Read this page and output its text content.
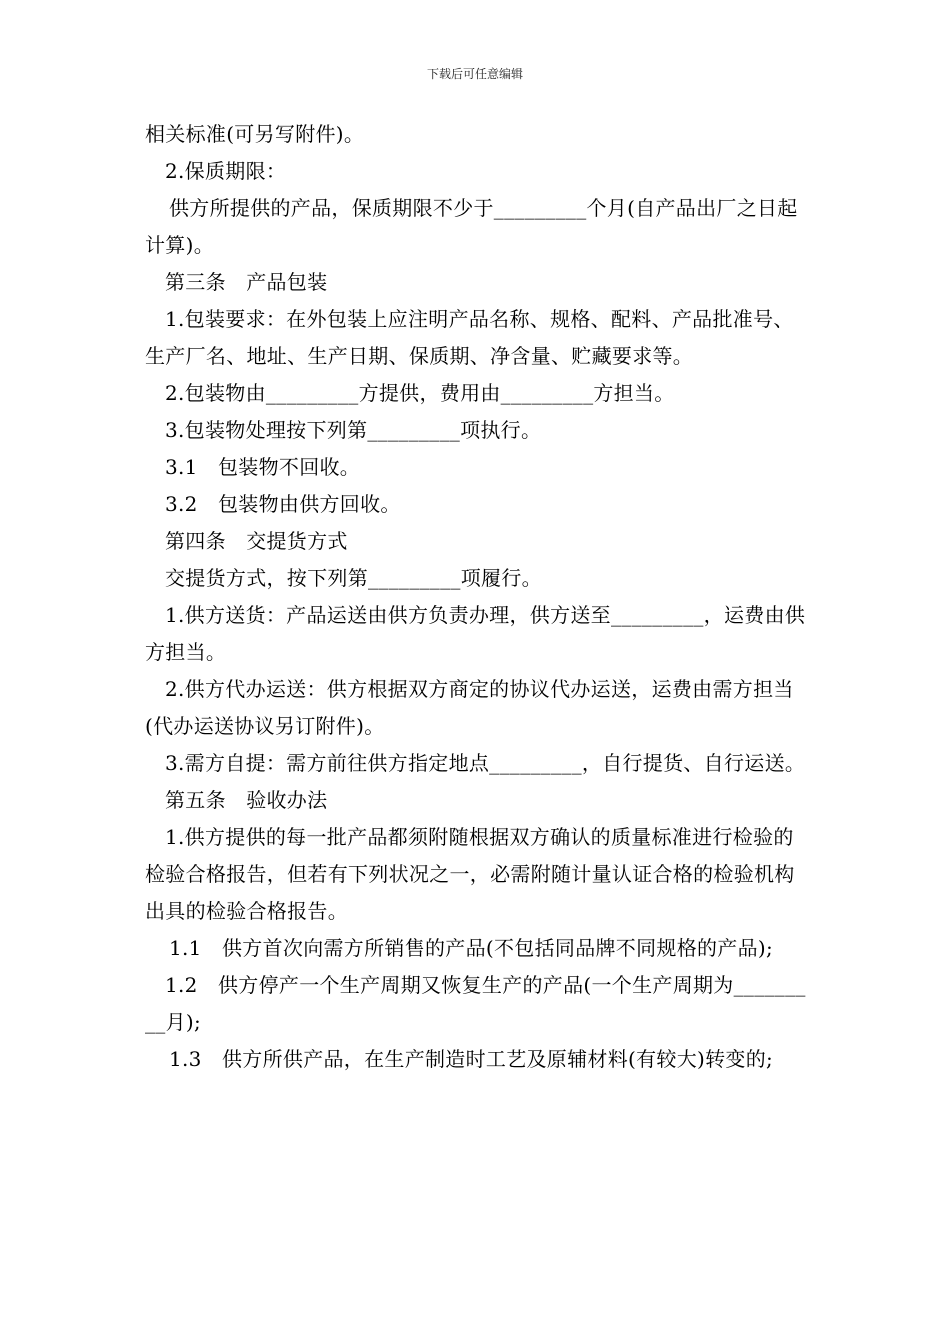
下载后可任意编辑

相关标准(可另写附件)。

2.保质期限：

供方所提供的产品，保质期限不少于_________个月(自产品出厂之日起计算)。

第三条　产品包装

1.包装要求：在外包装上应注明产品名称、规格、配料、产品批准号、生产厂名、地址、生产日期、保质期、净含量、贮藏要求等。

2.包装物由_________方提供，费用由_________方担当。

3.包装物处理按下列第_________项执行。

3.1　包装物不回收。

3.2　包装物由供方回收。

第四条　交提货方式

交提货方式，按下列第_________项履行。

1.供方送货：产品运送由供方负责办理，供方送至_________，运费由供方担当。

2.供方代办运送：供方根据双方商定的协议代办运送，运费由需方担当(代办运送协议另订附件)。

3.需方自提：需方前往供方指定地点_________，自行提货、自行运送。

第五条　验收办法

1.供方提供的每一批产品都须附随根据双方确认的质量标准进行检验的检验合格报告，但若有下列状况之一，必需附随计量认证合格的检验机构出具的检验合格报告。

1.1　供方首次向需方所销售的产品(不包括同品牌不同规格的产品);

1.2　供方停产一个生产周期又恢复生产的产品(一个生产周期为_________月);

1.3　供方所供产品，在生产制造时工艺及原辅材料(有较大)转变的;
